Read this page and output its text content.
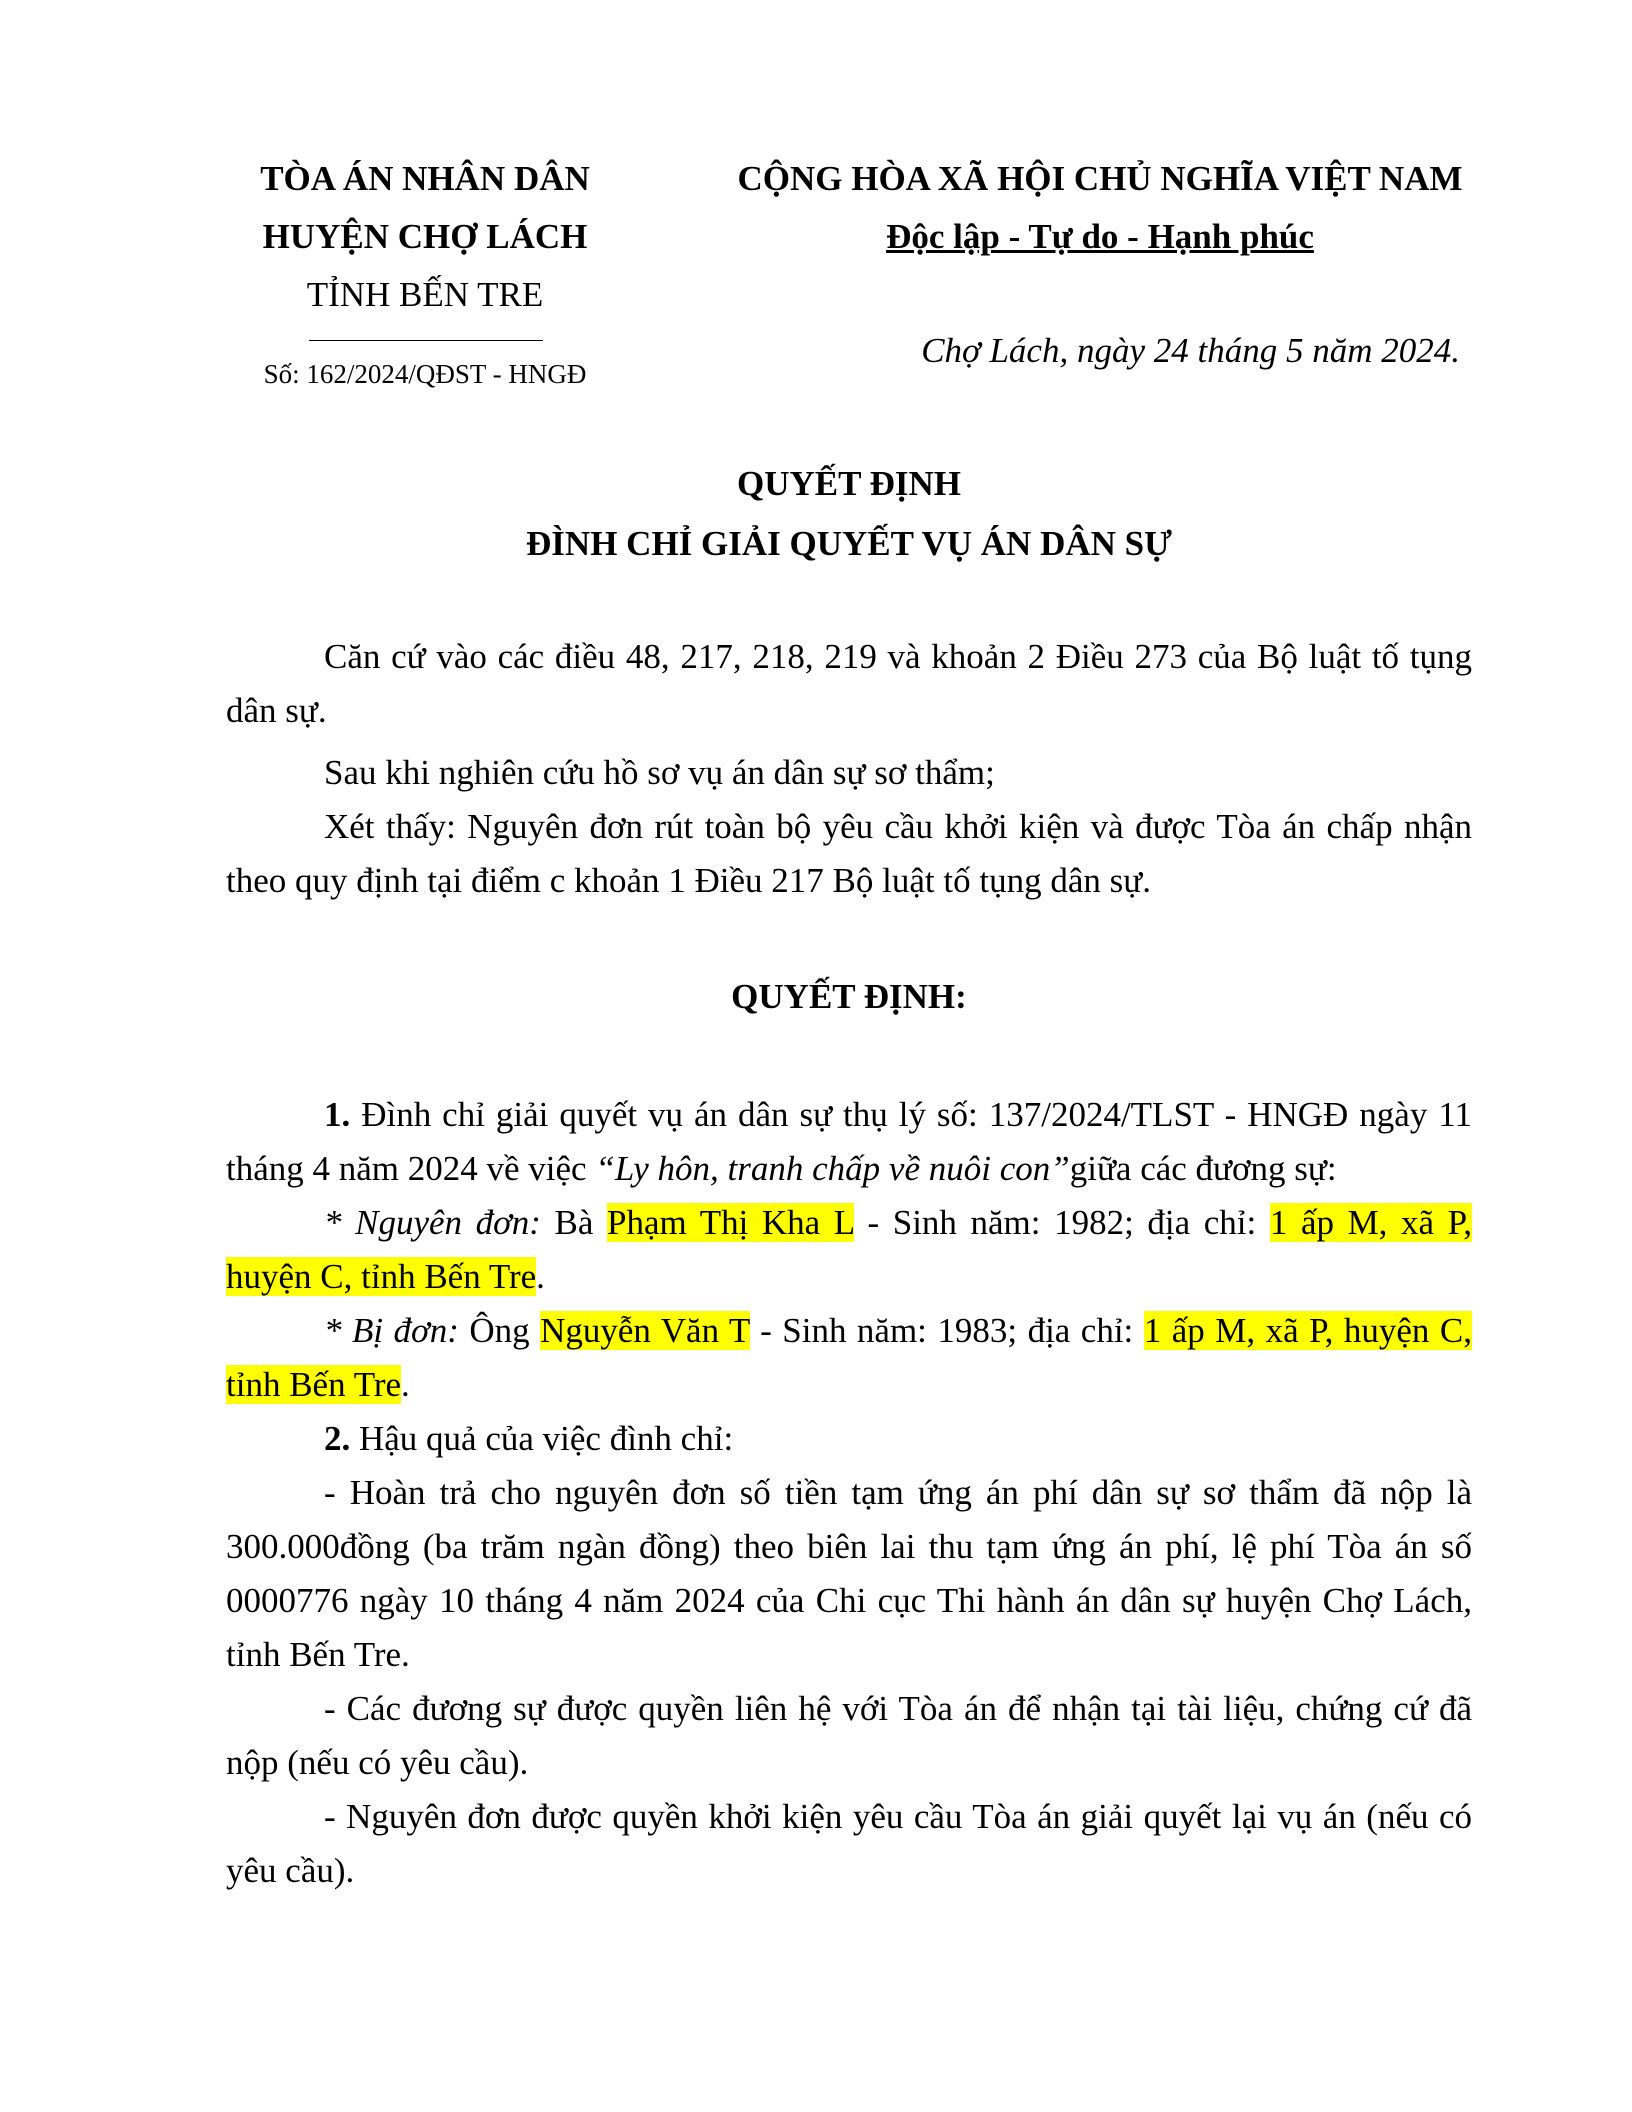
TÒA ÁN NHÂN DÂN
HUYỆN CHỢ LÁCH
TỈNH BẾN TRE
Số: 162/2024/QĐST - HNGĐ
CỘNG HÒA XÃ HỘI CHỦ NGHĨA VIỆT NAM
Độc lập - Tự do - Hạnh phúc
Chợ Lách, ngày 24 tháng 5 năm 2024.
QUYẾT ĐỊNH
ĐÌNH CHỈ GIẢI QUYẾT VỤ ÁN DÂN SỰ
Căn cứ vào các điều 48, 217, 218, 219 và khoản 2 Điều 273 của Bộ luật tố tụng dân sự.
Sau khi nghiên cứu hồ sơ vụ án dân sự sơ thẩm;
Xét thấy: Nguyên đơn rút toàn bộ yêu cầu khởi kiện và được Tòa án chấp nhận theo quy định tại điểm c khoản 1 Điều 217 Bộ luật tố tụng dân sự.
QUYẾT ĐỊNH:
1. Đình chỉ giải quyết vụ án dân sự thụ lý số: 137/2024/TLST - HNGĐ ngày 11 tháng 4 năm 2024 về việc “Ly hôn, tranh chấp về nuôi con”giữa các đương sự:
* Nguyên đơn: Bà Phạm Thị Kha L - Sinh năm: 1982; địa chỉ: 1 ấp M, xã P, huyện C, tỉnh Bến Tre.
* Bị đơn: Ông Nguyễn Văn T - Sinh năm: 1983; địa chỉ: 1 ấp M, xã P, huyện C, tỉnh Bến Tre.
2. Hậu quả của việc đình chỉ:
- Hoàn trả cho nguyên đơn số tiền tạm ứng án phí dân sự sơ thẩm đã nộp là 300.000đồng (ba trăm ngàn đồng) theo biên lai thu tạm ứng án phí, lệ phí Tòa án số 0000776 ngày 10 tháng 4 năm 2024 của Chi cục Thi hành án dân sự huyện Chợ Lách, tỉnh Bến Tre.
- Các đương sự được quyền liên hệ với Tòa án để nhận tại tài liệu, chứng cứ đã nộp (nếu có yêu cầu).
- Nguyên đơn được quyền khởi kiện yêu cầu Tòa án giải quyết lại vụ án (nếu có yêu cầu).
